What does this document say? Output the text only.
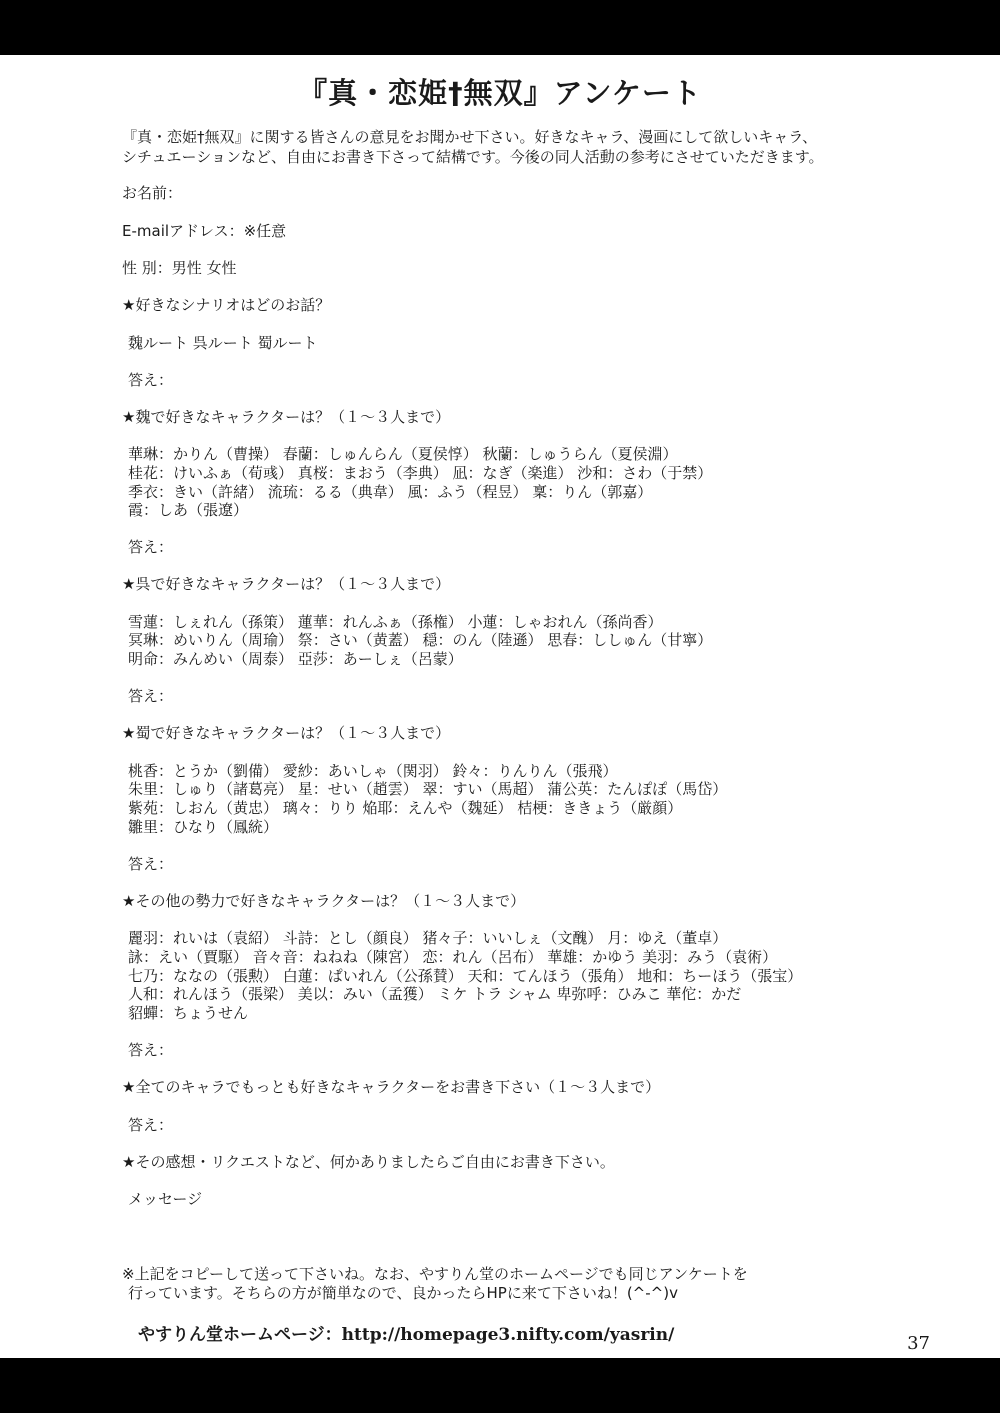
『真・恋姫†無双』アンケート
『真・恋姫†無双』に関する皆さんの意見をお聞かせ下さい。好きなキャラ、漫画にして欲しいキャラ、
シチュエーションなど、自由にお書き下さって結構です。今後の同人活動の参考にさせていただきます。
お名前：
E-mailアドレス：※任意
性 別：男性 女性
★好きなシナリオはどのお話？
魏ルート 呉ルート 蜀ルート
答え：
★魏で好きなキャラクターは？（１～３人まで）
華琳：かりん（曹操） 春蘭：しゅんらん（夏侯惇） 秋蘭：しゅうらん（夏侯淵）
桂花：けいふぁ（荀彧） 真桜：まおう（李典） 凪：なぎ（楽進） 沙和：さわ（于禁）
季衣：きい（許緒） 流琉：るる（典韋） 風：ふう（程昱） 稟：りん（郭嘉）
霞：しあ（張遼）
答え：
★呉で好きなキャラクターは？（１～３人まで）
雪蓮：しぇれん（孫策） 蓮華：れんふぁ（孫権） 小蓮：しゃおれん（孫尚香）
冥琳：めいりん（周瑜） 祭：さい（黄蓋） 穏：のん（陸遜） 思春：ししゅん（甘寧）
明命：みんめい（周泰） 亞莎：あーしぇ（呂蒙）
答え：
★蜀で好きなキャラクターは？（１～３人まで）
桃香：とうか（劉備） 愛紗：あいしゃ（関羽） 鈴々：りんりん（張飛）
朱里：しゅり（諸葛亮） 星：せい（趙雲） 翠：すい（馬超） 蒲公英：たんぽぽ（馬岱）
紫苑：しおん（黄忠） 璃々：りり 焔耶：えんや（魏延） 桔梗：ききょう（厳顔）
雛里：ひなり（鳳統）
答え：
★その他の勢力で好きなキャラクターは？（１～３人まで）
麗羽：れいは（袁紹） 斗詩：とし（顔良） 猪々子：いいしぇ（文醜） 月：ゆえ（董卓）
詠：えい（賈駆） 音々音：ねねね（陳宮） 恋：れん（呂布） 華雄：かゆう 美羽：みう（袁術）
七乃：ななの（張勲） 白蓮：ぱいれん（公孫賛） 天和：てんほう（張角） 地和：ちーほう（張宝）
人和：れんほう（張梁） 美以：みい（孟獲） ミケ トラ シャム 卑弥呼：ひみこ 華佗：かだ
貂蟬：ちょうせん
答え：
★全てのキャラでもっとも好きなキャラクターをお書き下さい（１～３人まで）
答え：
★その感想・リクエストなど、何かありましたらご自由にお書き下さい。
メッセージ
※上記をコピーして送って下さいね。なお、やすりん堂のホームページでも同じアンケートを
行っています。そちらの方が簡単なので、良かったらHPに来て下さいね！(^-^)v
やすりん堂ホームページ：http://homepage3.nifty.com/yasrin/	37
